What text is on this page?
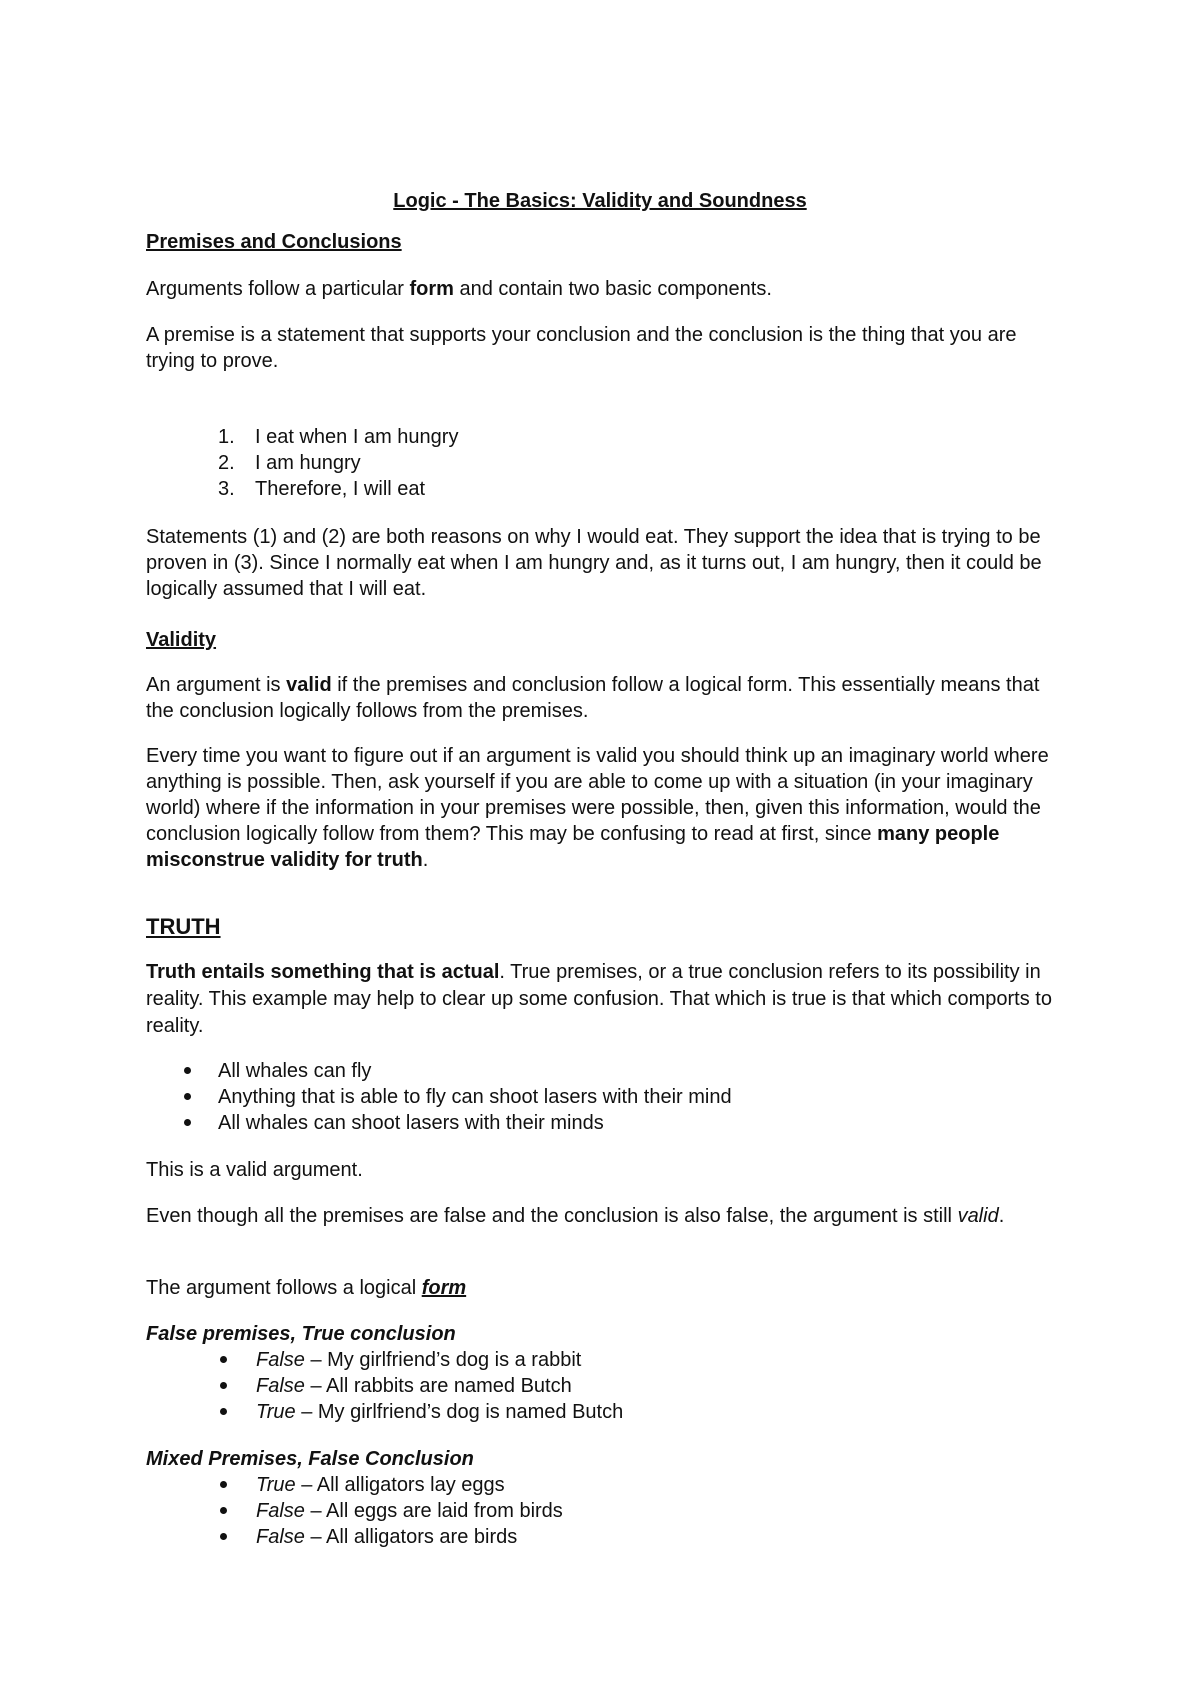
Logic - The Basics: Validity and Soundness

Premises and Conclusions

Arguments follow a particular form and contain two basic components.

A premise is a statement that supports your conclusion and the conclusion is the thing that you are trying to prove.

1. I eat when I am hungry

2. I am hungry

3. Therefore, I will eat

Statements (1) and (2) are both reasons on why I would eat. They support the idea that is trying to be proven in (3). Since I normally eat when I am hungry and, as it turns out, I am hungry, then it could be logically assumed that I will eat.

Validity

An argument is valid if the premises and conclusion follow a logical form. This essentially means that the conclusion logically follows from the premises.

Every time you want to figure out if an argument is valid you should think up an imaginary world where anything is possible. Then, ask yourself if you are able to come up with a situation (in your imaginary world) where if the information in your premises were possible, then, given this information, would the conclusion logically follow from them? This may be confusing to read at first, since many people misconstrue validity for truth.

TRUTH

Truth entails something that is actual. True premises, or a true conclusion refers to its possibility in reality. This example may help to clear up some confusion. That which is true is that which comports to reality.

All whales can fly

Anything that is able to fly can shoot lasers with their mind

All whales can shoot lasers with their minds

This is a valid argument.

Even though all the premises are false and the conclusion is also false, the argument is still valid.

The argument follows a logical form

False premises, True conclusion

False – My girlfriend’s dog is a rabbit

False – All rabbits are named Butch

True – My girlfriend’s dog is named Butch

Mixed Premises, False Conclusion

True – All alligators lay eggs

False – All eggs are laid from birds

False – All alligators are birds
